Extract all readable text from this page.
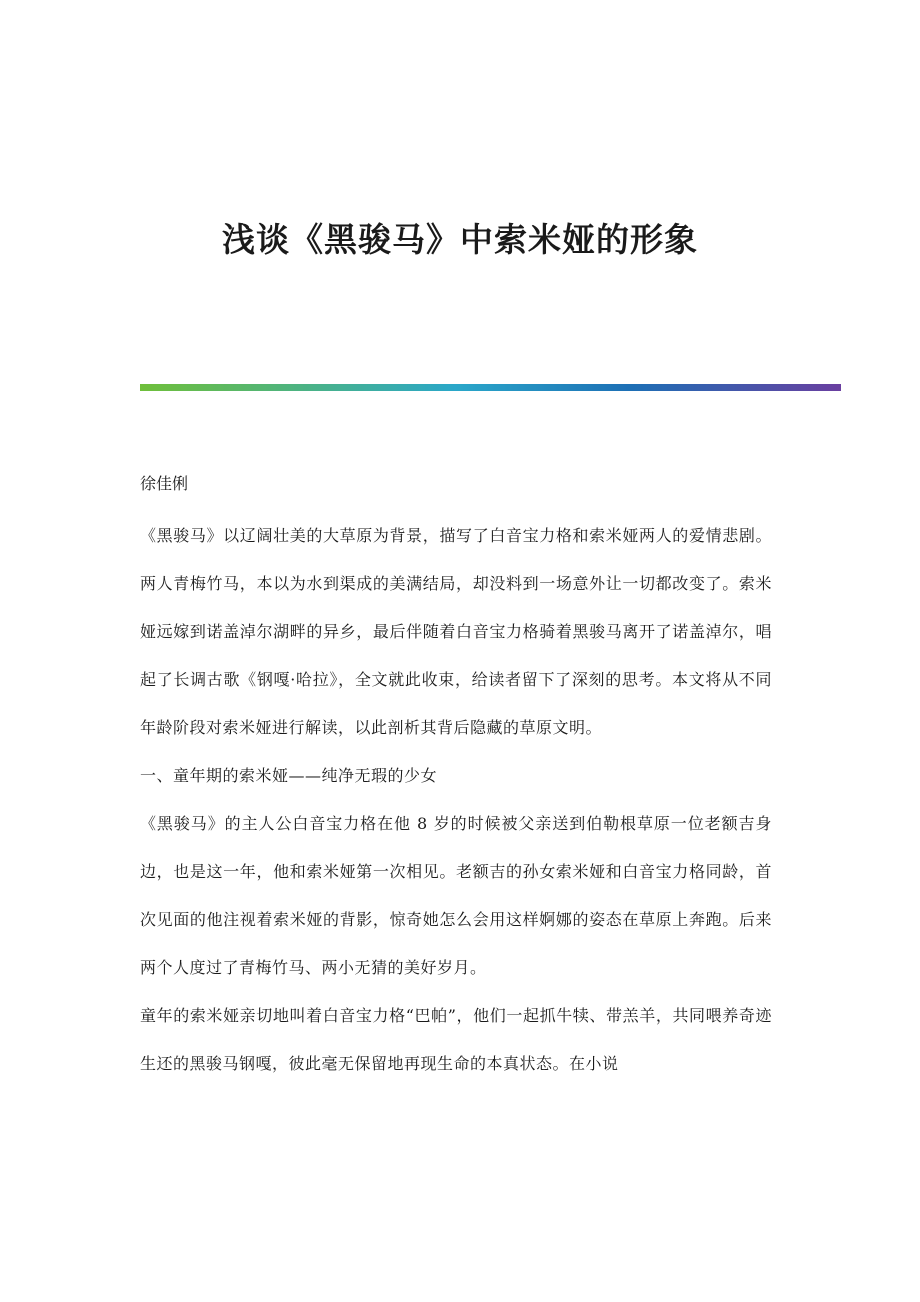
浅谈《黑骏马》中索米娅的形象

徐佳俐

《黑骏马》以辽阔壮美的大草原为背景，描写了白音宝力格和索米娅两人的爱情悲剧。两人青梅竹马，本以为水到渠成的美满结局，却没料到一场意外让一切都改变了。索米娅远嫁到诺盖淖尔湖畔的异乡，最后伴随着白音宝力格骑着黑骏马离开了诺盖淖尔，唱起了长调古歌《钢嘎·哈拉》，全文就此收束，给读者留下了深刻的思考。本文将从不同年龄阶段对索米娅进行解读，以此剖析其背后隐藏的草原文明。

一、童年期的索米娅——纯净无瑕的少女

《黑骏马》的主人公白音宝力格在他 8 岁的时候被父亲送到伯勒根草原一位老额吉身边，也是这一年，他和索米娅第一次相见。老额吉的孙女索米娅和白音宝力格同龄，首次见面的他注视着索米娅的背影，惊奇她怎么会用这样婀娜的姿态在草原上奔跑。后来两个人度过了青梅竹马、两小无猜的美好岁月。

童年的索米娅亲切地叫着白音宝力格“巴帕”，他们一起抓牛犊、带羔羊，共同喂养奇迹生还的黑骏马钢嘎，彼此毫无保留地再现生命的本真状态。在小说
